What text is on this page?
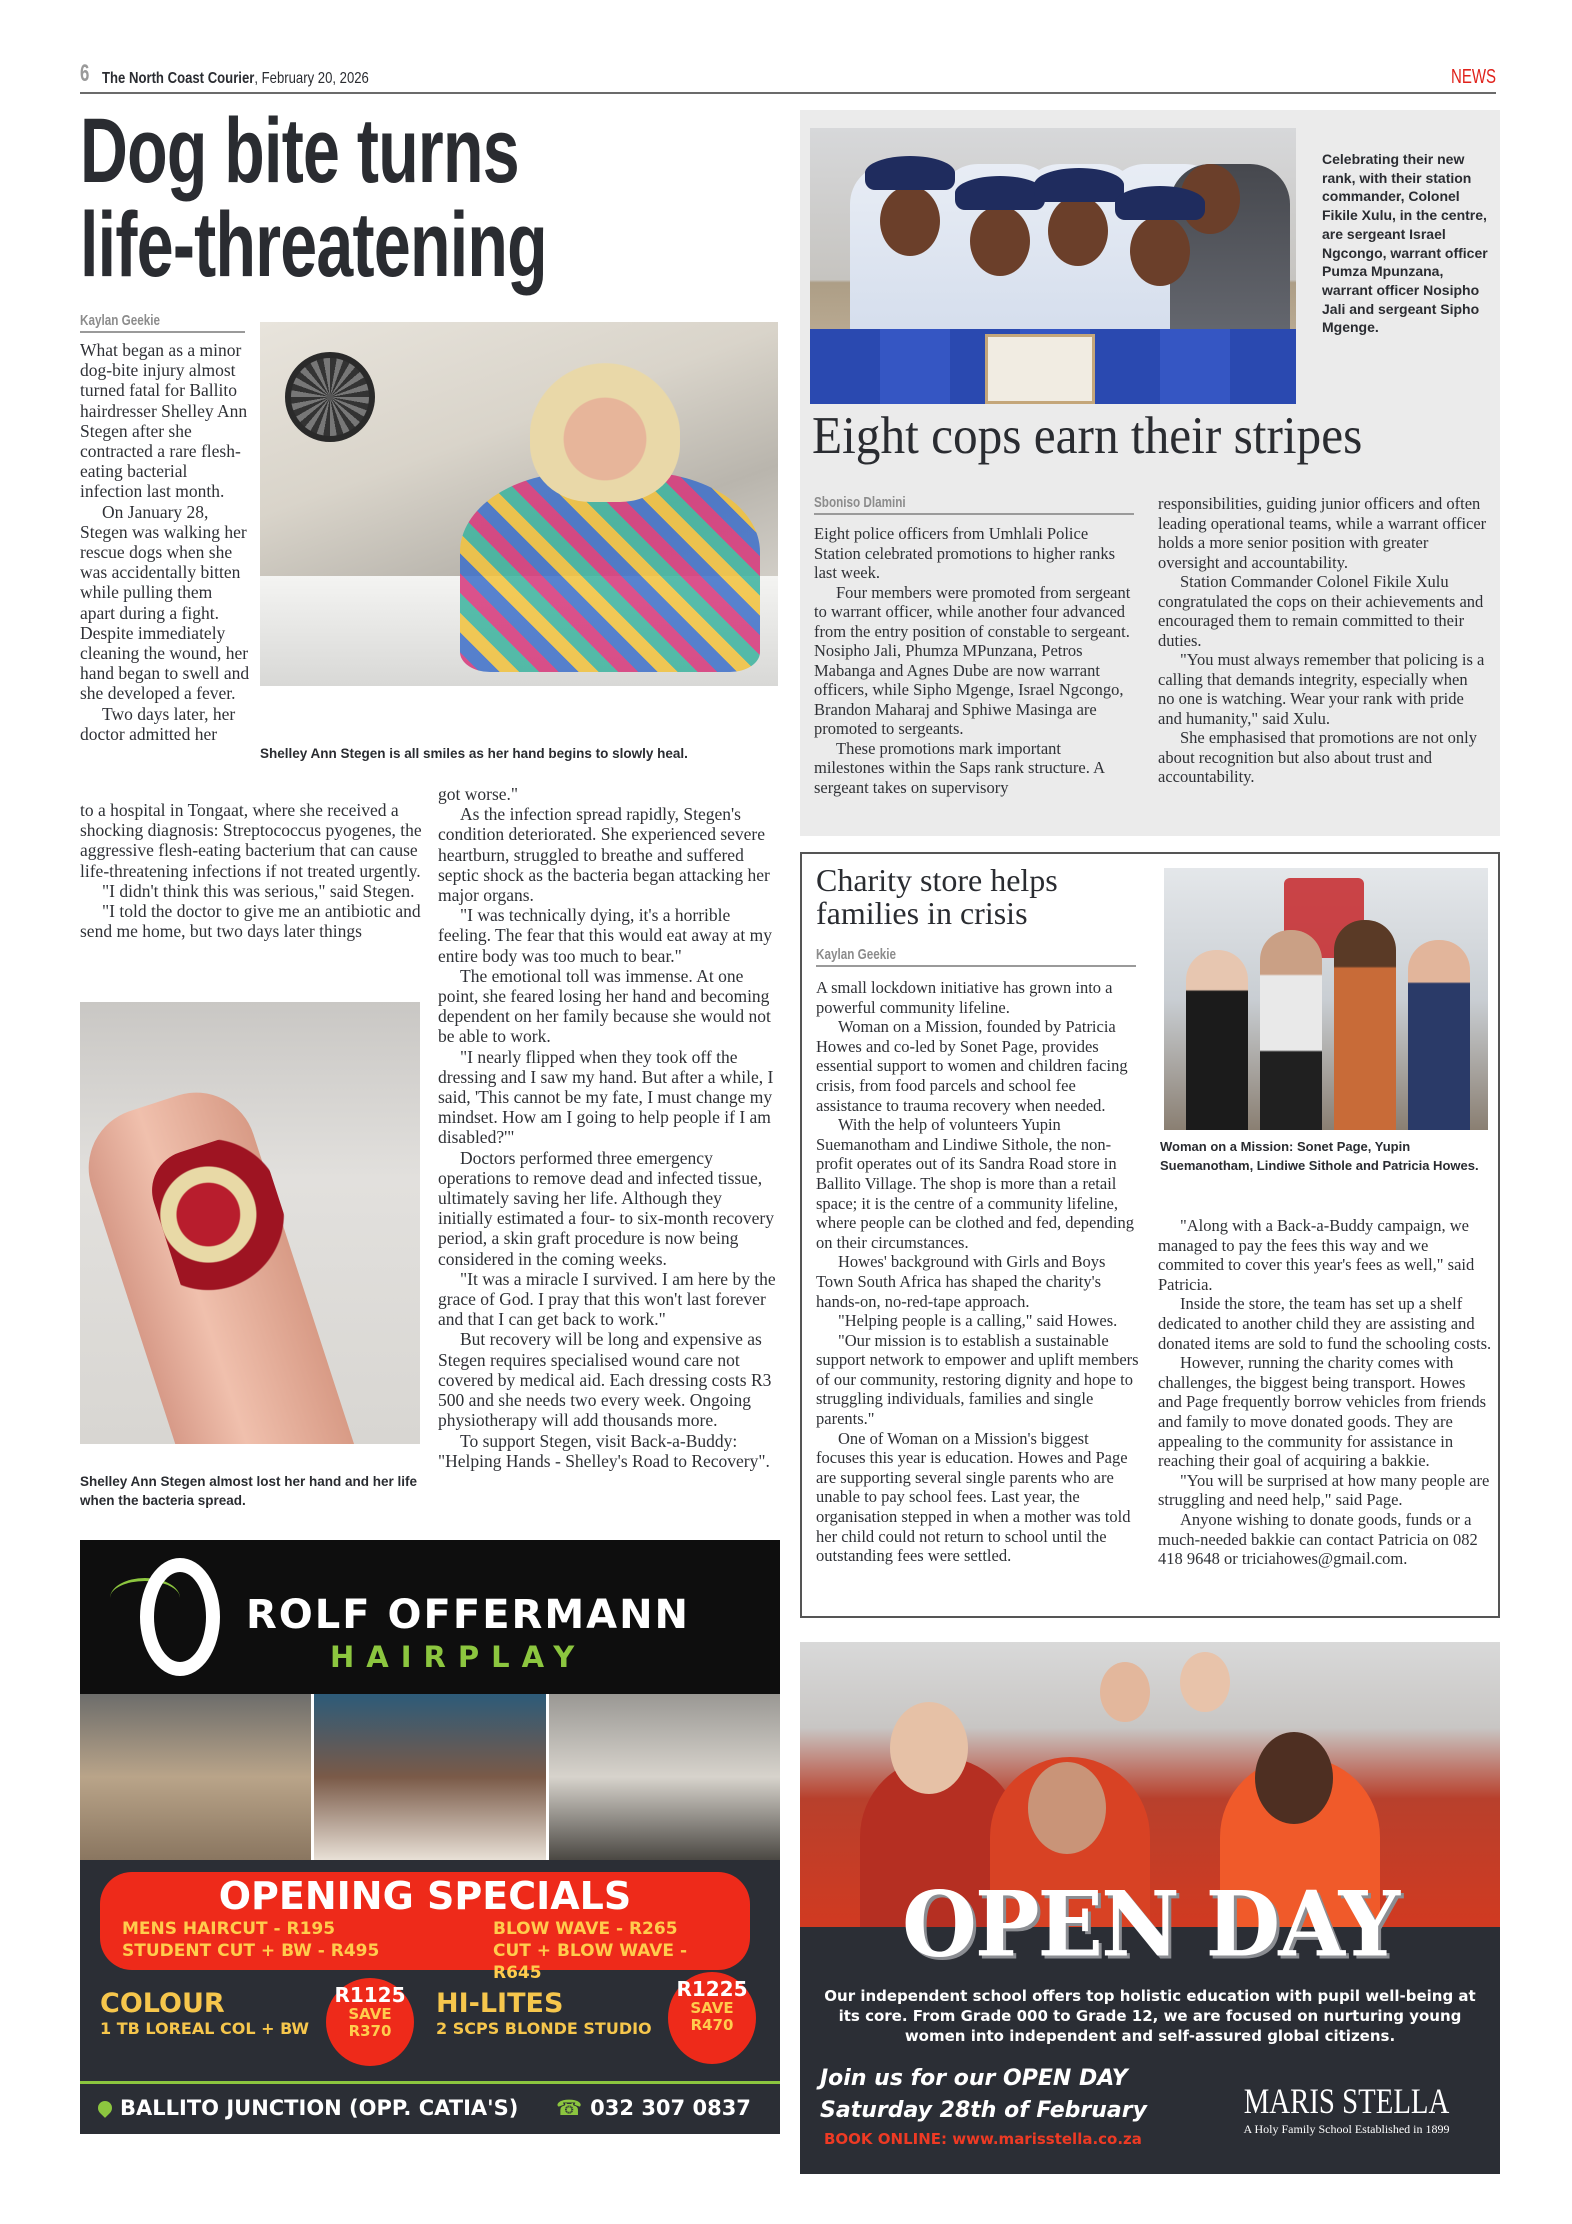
6 The North Coast Courier, February 20, 2026	NEWS
Dog bite turns
life-threatening
Kaylan Geekie

What began as a minor dog-bite injury almost turned fatal for Ballito hairdresser Shelley Ann Stegen after she contracted a rare flesh-eating bacterial infection last month.

On January 28, Stegen was walking her rescue dogs when she was accidentally bitten while pulling them apart during a fight. Despite immediately cleaning the wound, her hand began to swell and she developed a fever.

Two days later, her doctor admitted her

Shelley Ann Stegen is all smiles as her hand begins to slowly heal.

to a hospital in Tongaat, where she received a shocking diagnosis: Streptococcus pyogenes, the aggressive flesh-eating bacterium that can cause life-threatening infections if not treated urgently.

"I didn't think this was serious," said Stegen.

"I told the doctor to give me an antibiotic and send me home, but two days later things

Shelley Ann Stegen almost lost her hand and her life when the bacteria spread.

got worse."

As the infection spread rapidly, Stegen's condition deteriorated. She experienced severe heartburn, struggled to breathe and suffered septic shock as the bacteria began attacking her major organs.

"I was technically dying, it's a horrible feeling. The fear that this would eat away at my entire body was too much to bear."

The emotional toll was immense. At one point, she feared losing her hand and becoming dependent on her family because she would not be able to work.

"I nearly flipped when they took off the dressing and I saw my hand. But after a while, I said, 'This cannot be my fate, I must change my mindset. How am I going to help people if I am disabled?'"

Doctors performed three emergency operations to remove dead and infected tissue, ultimately saving her life. Although they initially estimated a four- to six-month recovery period, a skin graft procedure is now being considered in the coming weeks.

"It was a miracle I survived. I am here by the grace of God. I pray that this won't last forever and that I can get back to work."

But recovery will be long and expensive as Stegen requires specialised wound care not covered by medical aid. Each dressing costs R3 500 and she needs two every week. Ongoing physiotherapy will add thousands more.

To support Stegen, visit Back-a-Buddy: "Helping Hands - Shelley's Road to Recovery".

Celebrating their new rank, with their station commander, Colonel Fikile Xulu, in the centre, are sergeant Israel Ngcongo, warrant officer Pumza Mpunzana, warrant officer Nosipho Jali and sergeant Sipho Mgenge.
Eight cops earn their stripes
Sboniso Dlamini

Eight police officers from Umhlali Police Station celebrated promotions to higher ranks last week.

Four members were promoted from sergeant to warrant officer, while another four advanced from the entry position of constable to sergeant. Nosipho Jali, Phumza MPunzana, Petros Mabanga and Agnes Dube are now warrant officers, while Sipho Mgenge, Israel Ngcongo, Brandon Maharaj and Sphiwe Masinga are promoted to sergeants.

These promotions mark important milestones within the Saps rank structure. A sergeant takes on supervisory

responsibilities, guiding junior officers and often leading operational teams, while a warrant officer holds a more senior position with greater oversight and accountability.

Station Commander Colonel Fikile Xulu congratulated the cops on their achievements and encouraged them to remain committed to their duties.

"You must always remember that policing is a calling that demands integrity, especially when no one is watching. Wear your rank with pride and humanity," said Xulu.

She emphasised that promotions are not only about recognition but also about trust and accountability.

Charity store helps
families in crisis
Kaylan Geekie

A small lockdown initiative has grown into a powerful community lifeline.

Woman on a Mission, founded by Patricia Howes and co-led by Sonet Page, provides essential support to women and children facing crisis, from food parcels and school fee assistance to trauma recovery when needed.

With the help of volunteers Yupin Suemanotham and Lindiwe Sithole, the non-profit operates out of its Sandra Road store in Ballito Village. The shop is more than a retail space; it is the centre of a community lifeline, where people can be clothed and fed, depending on their circumstances.

Howes' background with Girls and Boys Town South Africa has shaped the charity's hands-on, no-red-tape approach.

"Helping people is a calling," said Howes.

"Our mission is to establish a sustainable support network to empower and uplift members of our community, restoring dignity and hope to struggling individuals, families and single parents."

One of Woman on a Mission's biggest focuses this year is education. Howes and Page are supporting several single parents who are unable to pay school fees. Last year, the organisation stepped in when a mother was told her child could not return to school until the outstanding fees were settled.

Woman on a Mission: Sonet Page, Yupin Suemanotham, Lindiwe Sithole and Patricia Howes.

"Along with a Back-a-Buddy campaign, we managed to pay the fees this way and we commited to cover this year's fees as well," said Patricia.

Inside the store, the team has set up a shelf dedicated to another child they are assisting and donated items are sold to fund the schooling costs.

However, running the charity comes with challenges, the biggest being transport. Howes and Page frequently borrow vehicles from friends and family to move donated goods. They are appealing to the community for assistance in reaching their goal of acquiring a bakkie.

"You will be surprised at how many people are struggling and need help," said Page.

Anyone wishing to donate goods, funds or a much-needed bakkie can contact Patricia on 082 418 9648 or triciahowes@gmail.com.

ROLF OFFERMANN
HAIRPLAY
OPENING SPECIALS
MENS HAIRCUT - R195	BLOW WAVE - R265
STUDENT CUT + BW - R495	CUT + BLOW WAVE - R645
COLOUR
1 TB LOREAL COL + BW
R1125
SAVE
R370
HI-LITES
2 SCPS BLONDE STUDIO
R1225
SAVE
R470
BALLITO JUNCTION (OPP. CATIA'S) ☎ 032 307 0837
OPEN DAY
Our independent school offers top holistic education with pupil well-being at its core. From Grade 000 to Grade 12, we are focused on nurturing young women into independent and self-assured global citizens.
Join us for our OPEN DAY
Saturday 28th of February
BOOK ONLINE: www.marisstella.co.za
MARIS STELLA
A Holy Family School Established in 1899
